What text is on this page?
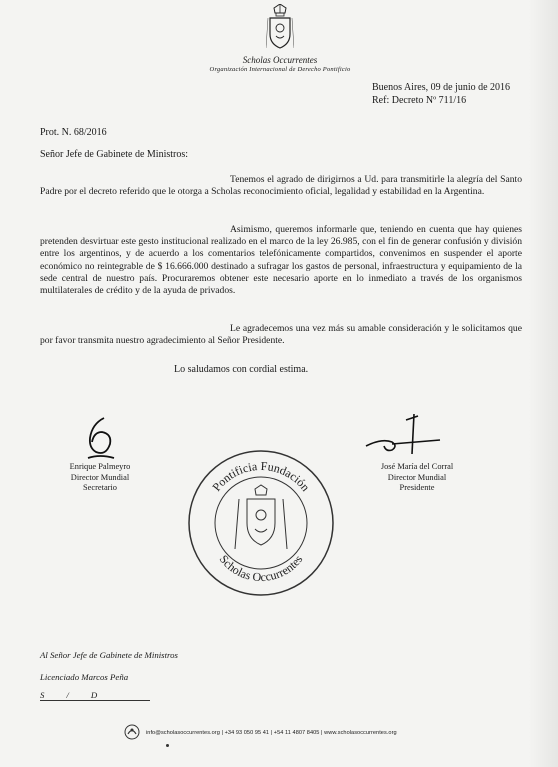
Scholas Occurrentes
Organización Internacional de Derecho Pontificio
Buenos Aires, 09 de junio de 2016
Ref: Decreto Nº 711/16
Prot. N. 68/2016
Señor Jefe de Gabinete de Ministros:
Tenemos el agrado de dirigirnos a Ud. para transmitirle la alegría del Santo Padre por el decreto referido que le otorga a Scholas reconocimiento oficial, legalidad y estabilidad en la Argentina.
Asimismo, queremos informarle que, teniendo en cuenta que hay quienes pretenden desvirtuar este gesto institucional realizado en el marco de la ley 26.985, con el fin de generar confusión y división entre los argentinos, y de acuerdo a los comentarios telefónicamente compartidos, convenimos en suspender el aporte económico no reintegrable de $ 16.666.000 destinado a sufragar los gastos de personal, infraestructura y equipamiento de la sede central de nuestro país. Procuraremos obtener este necesario aporte en lo inmediato a través de los organismos multilaterales de crédito y de la ayuda de privados.
Le agradecemos una vez más su amable consideración y le solicitamos que por favor transmita nuestro agradecimiento al Señor Presidente.
Lo saludamos con cordial estima.
Enrique Palmeyro
Director Mundial
Secretario
José María del Corral
Director Mundial
Presidente
Pontificia Fundación
Scholas Occurrentes
Al Señor Jefe de Gabinete de Ministros
Licenciado Marcos Peña
S          /          D
info@scholasoccurrentes.org | +34 93 050 95 41 | +54 11 4807 8405 | www.scholasoccurrentes.org
